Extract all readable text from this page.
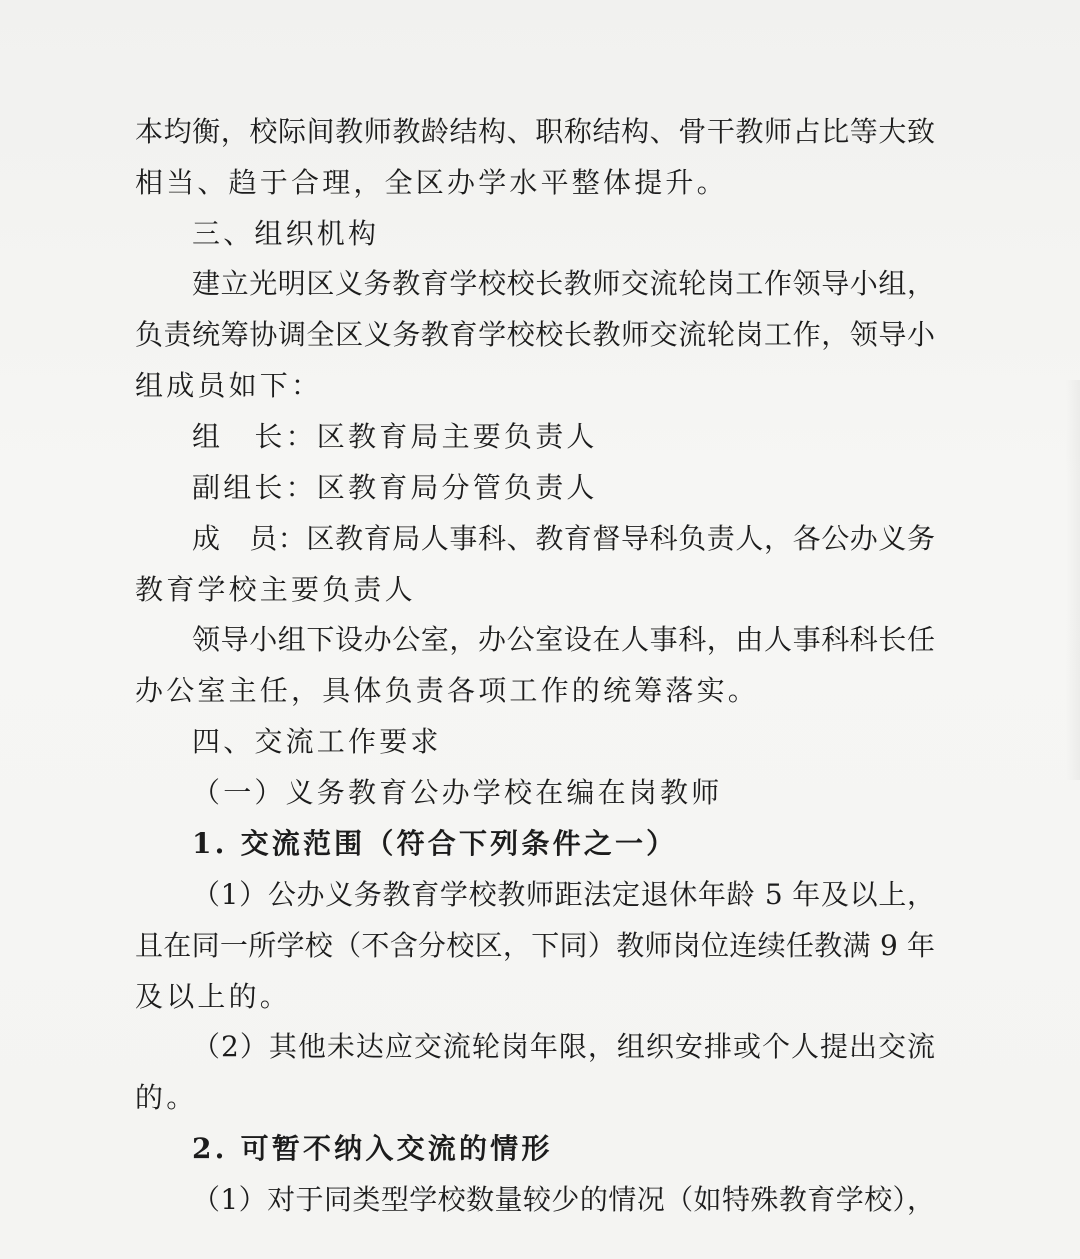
本均衡，校际间教师教龄结构、职称结构、骨干教师占比等大致
相当、趋于合理，全区办学水平整体提升。
三、组织机构
建立光明区义务教育学校校长教师交流轮岗工作领导小组，
负责统筹协调全区义务教育学校校长教师交流轮岗工作，领导小
组成员如下：
组　长：区教育局主要负责人
副组长：区教育局分管负责人
成　员：区教育局人事科、教育督导科负责人，各公办义务
教育学校主要负责人
领导小组下设办公室，办公室设在人事科，由人事科科长任
办公室主任，具体负责各项工作的统筹落实。
四、交流工作要求
（一）义务教育公办学校在编在岗教师
1. 交流范围（符合下列条件之一）
（1）公办义务教育学校教师距法定退休年龄 5 年及以上，
且在同一所学校（不含分校区，下同）教师岗位连续任教满 9 年
及以上的。
（2）其他未达应交流轮岗年限，组织安排或个人提出交流
的。
2. 可暂不纳入交流的情形
（1）对于同类型学校数量较少的情况（如特殊教育学校），
